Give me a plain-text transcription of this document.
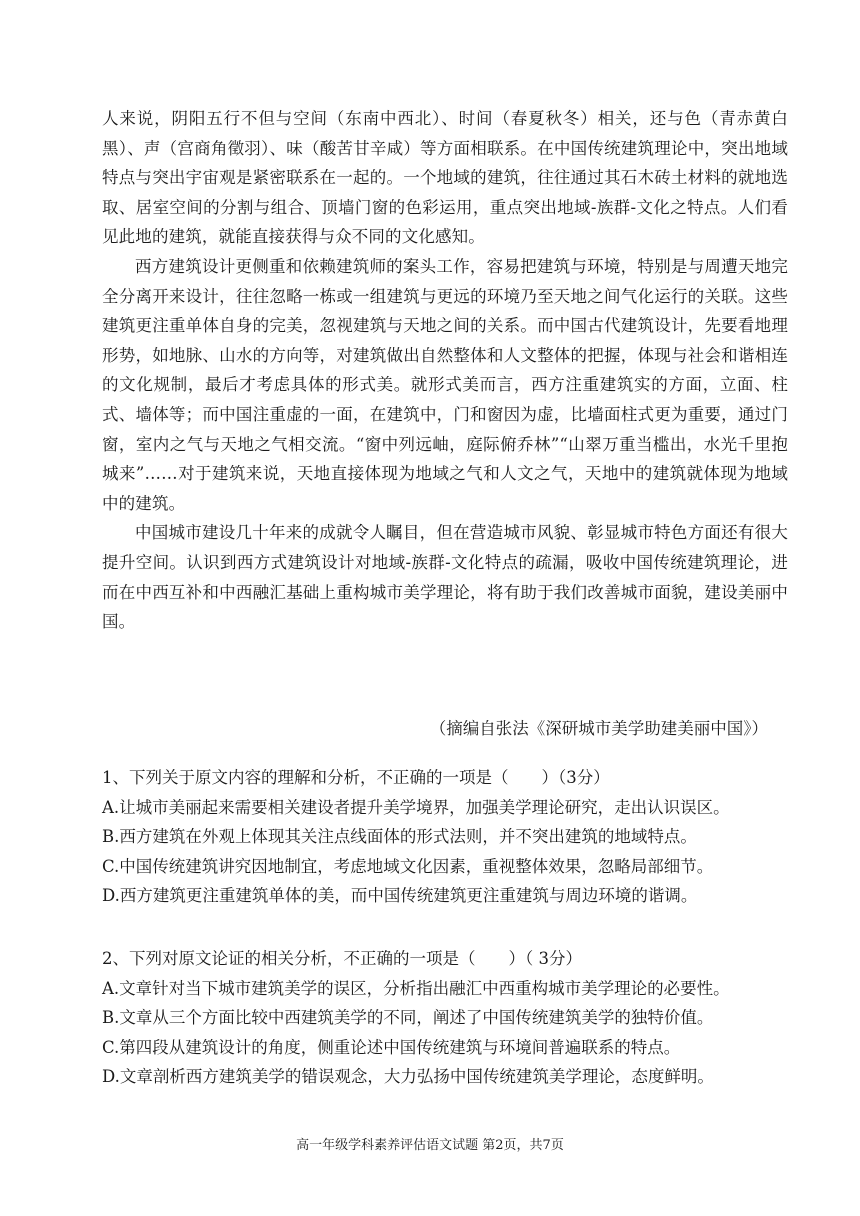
人来说，阴阳五行不但与空间（东南中西北）、时间（春夏秋冬）相关，还与色（青赤黄白黑）、声（宫商角徵羽）、味（酸苦甘辛咸）等方面相联系。在中国传统建筑理论中，突出地域特点与突出宇宙观是紧密联系在一起的。一个地域的建筑，往往通过其石木砖土材料的就地选取、居室空间的分割与组合、顶墙门窗的色彩运用，重点突出地域-族群-文化之特点。人们看见此地的建筑，就能直接获得与众不同的文化感知。

西方建筑设计更侧重和依赖建筑师的案头工作，容易把建筑与环境，特别是与周遭天地完全分离开来设计，往往忽略一栋或一组建筑与更远的环境乃至天地之间气化运行的关联。这些建筑更注重单体自身的完美，忽视建筑与天地之间的关系。而中国古代建筑设计，先要看地理形势，如地脉、山水的方向等，对建筑做出自然整体和人文整体的把握，体现与社会和谐相连的文化规制，最后才考虑具体的形式美。就形式美而言，西方注重建筑实的方面，立面、柱式、墙体等；而中国注重虚的一面，在建筑中，门和窗因为虚，比墙面柱式更为重要，通过门窗，室内之气与天地之气相交流。“窗中列远岫，庭际俯乔林”“山翠万重当槛出，水光千里抱城来”……对于建筑来说，天地直接体现为地域之气和人文之气，天地中的建筑就体现为地域中的建筑。

中国城市建设几十年来的成就令人瞩目，但在营造城市风貌、彰显城市特色方面还有很大提升空间。认识到西方式建筑设计对地域-族群-文化特点的疏漏，吸收中国传统建筑理论，进而在中西互补和中西融汇基础上重构城市美学理论，将有助于我们改善城市面貌，建设美丽中国。

（摘编自张法《深研城市美学助建美丽中国》）

1、下列关于原文内容的理解和分析，不正确的一项是（　　）（3分）

A.让城市美丽起来需要相关建设者提升美学境界，加强美学理论研究，走出认识误区。

B.西方建筑在外观上体现其关注点线面体的形式法则，并不突出建筑的地域特点。

C.中国传统建筑讲究因地制宜，考虑地域文化因素，重视整体效果，忽略局部细节。

D.西方建筑更注重建筑单体的美，而中国传统建筑更注重建筑与周边环境的谐调。

2、下列对原文论证的相关分析，不正确的一项是（　　）（ 3分）

A.文章针对当下城市建筑美学的误区，分析指出融汇中西重构城市美学理论的必要性。

B.文章从三个方面比较中西建筑美学的不同，阐述了中国传统建筑美学的独特价值。

C.第四段从建筑设计的角度，侧重论述中国传统建筑与环境间普遍联系的特点。

D.文章剖析西方建筑美学的错误观念，大力弘扬中国传统建筑美学理论，态度鲜明。

高一年级学科素养评估语文试题 第2页，共7页
